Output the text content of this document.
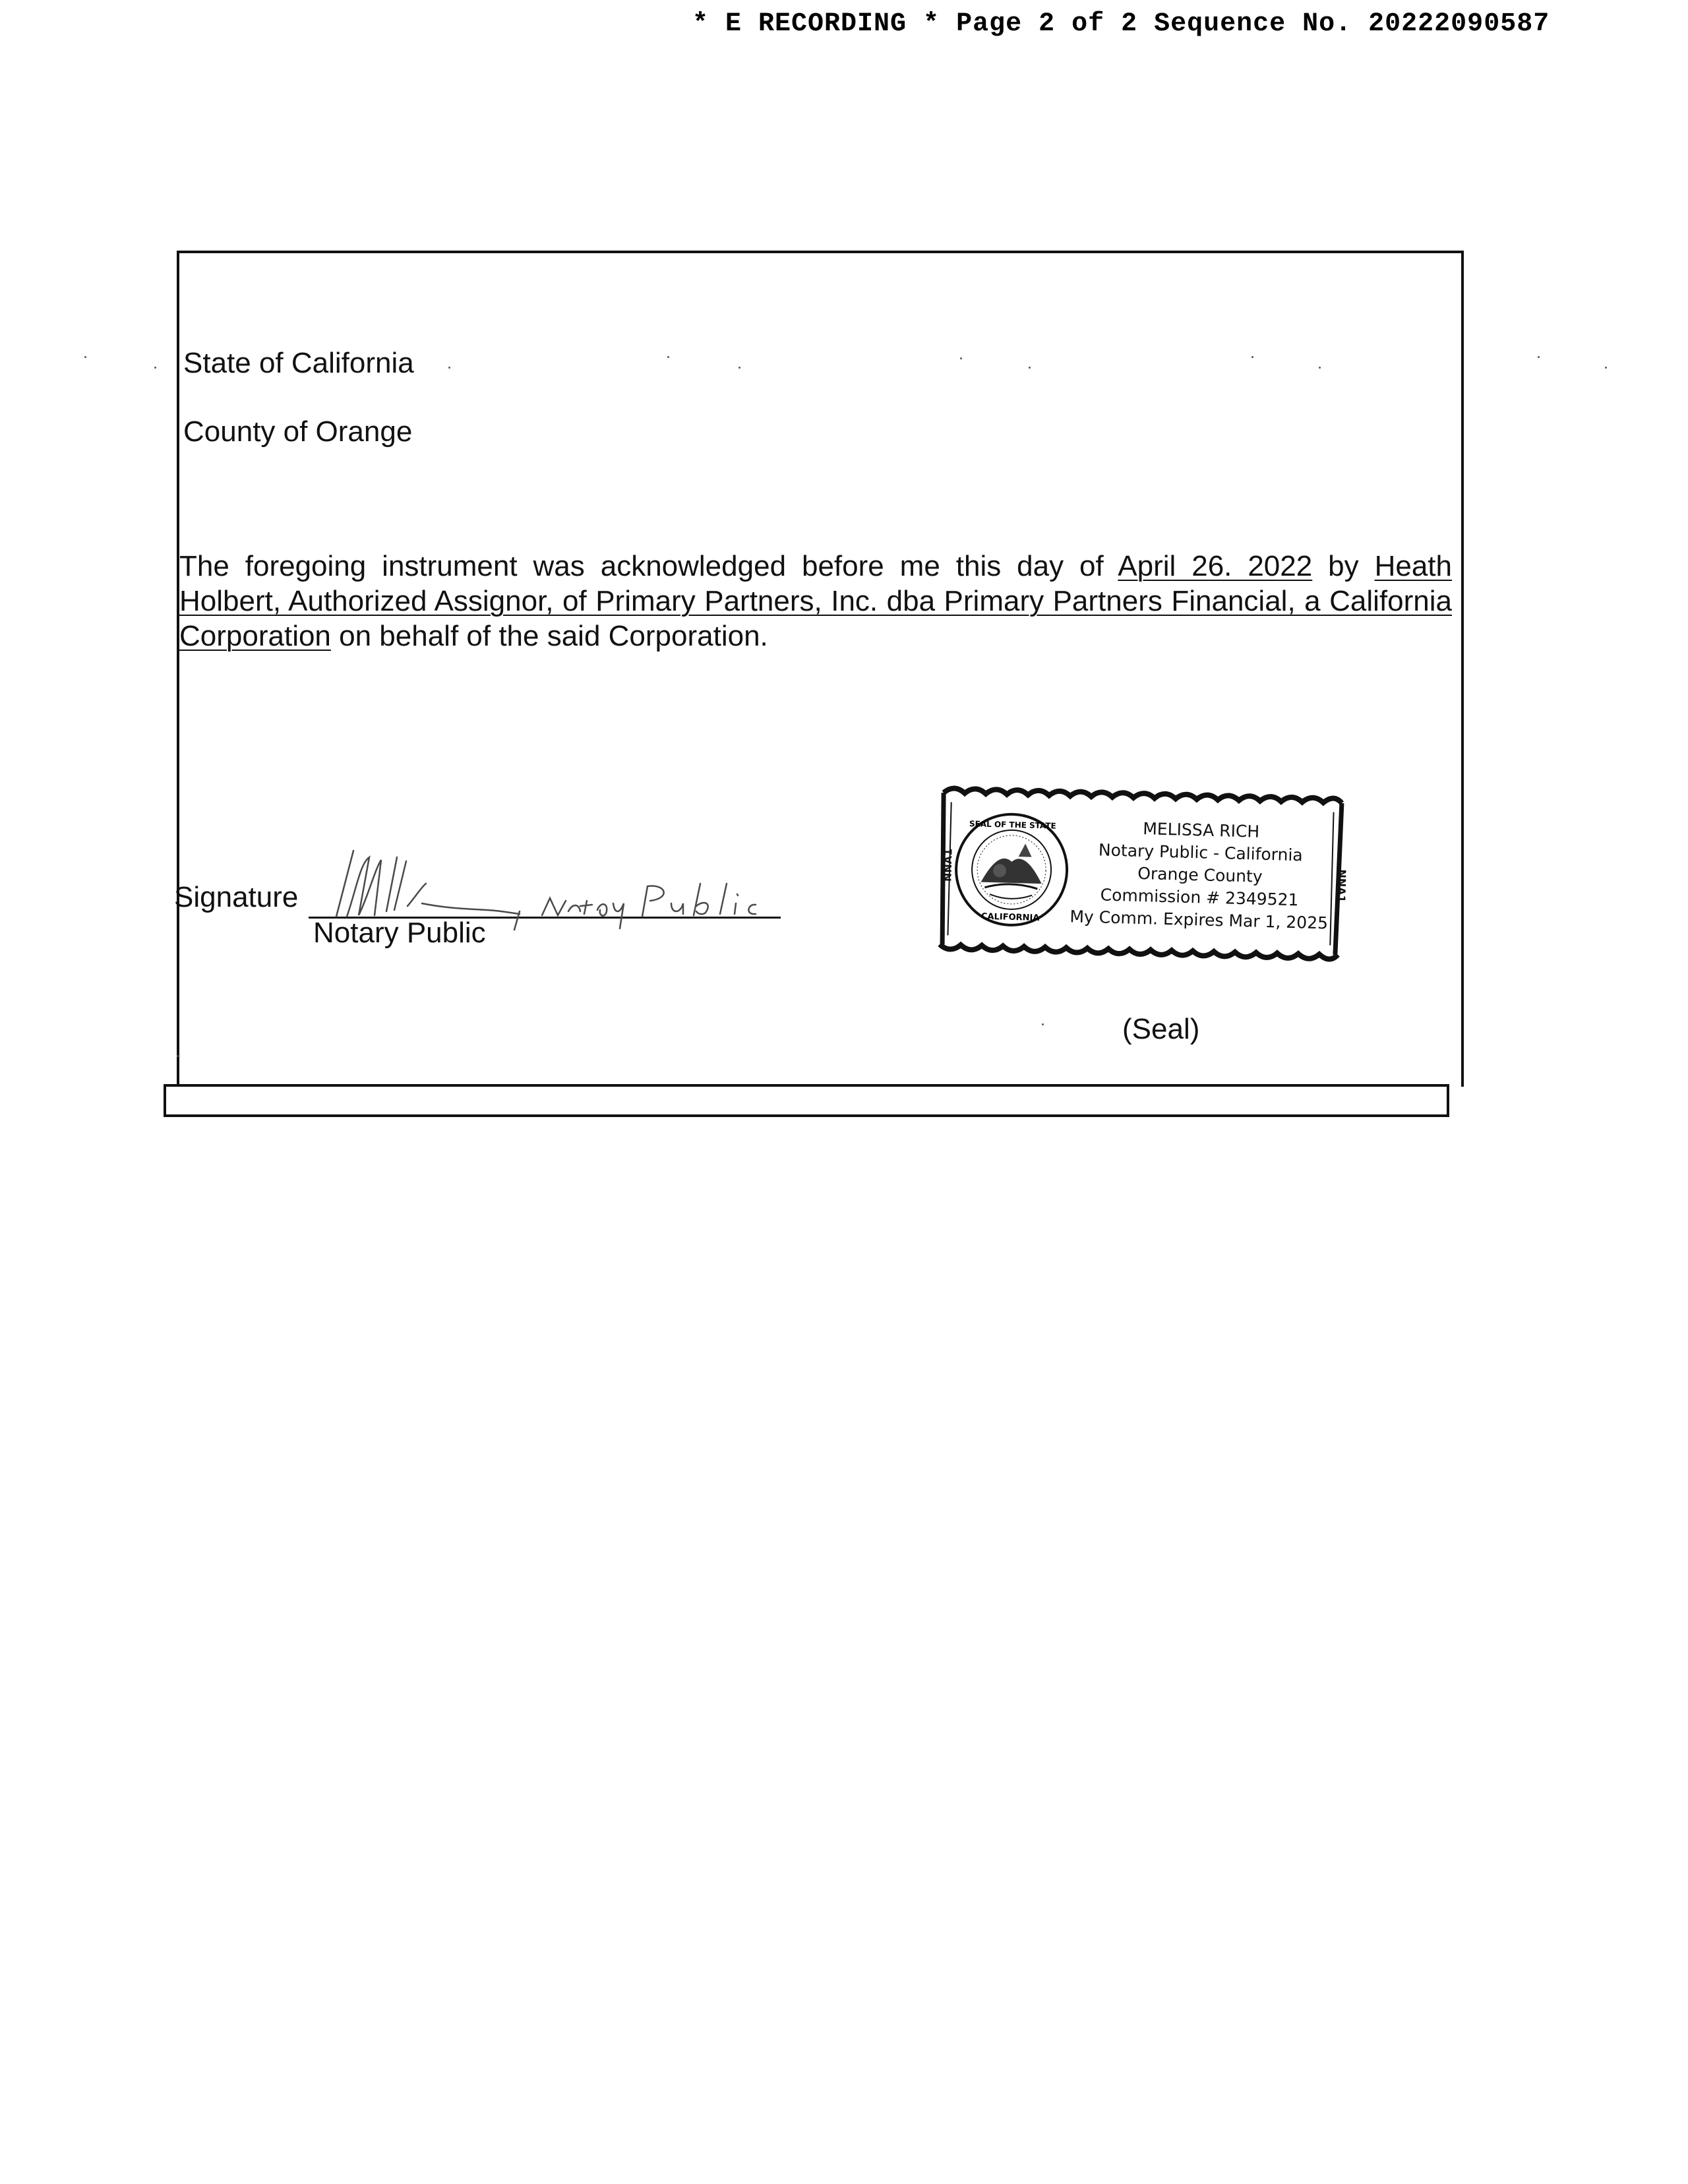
* E RECORDING * Page 2 of 2 Sequence No. 20222090587
State of California
County of Orange
The foregoing instrument was acknowledged before me this day of April 26. 2022 by Heath Holbert, Authorized Assignor, of Primary Partners, Inc. dba Primary Partners Financial, a California Corporation on behalf of the said Corporation.
Signature
Notary Public
SEAL OF THE STATE
CALIFORNIA
NNA1
NNA1
MELISSA RICH
Notary Public - California
Orange County
Commission # 2349521
My Comm. Expires Mar 1, 2025
(Seal)
